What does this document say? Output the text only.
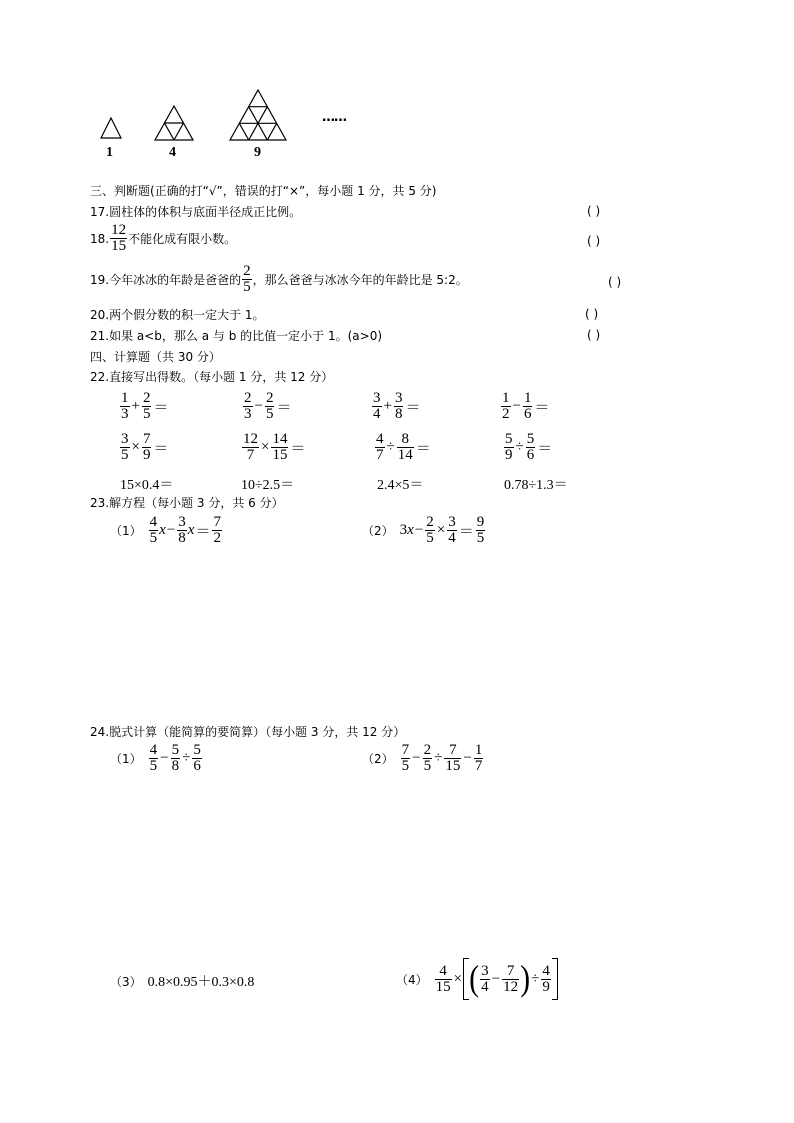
1	4	9
……
三、判断题(正确的打“√”，错误的打“×”，每小题 1 分，共 5 分)
17.圆柱体的体积与底面半径成正比例。	( )
18. $\frac{12}{15}$ 不能化成有限小数。	( )
19.今年冰冰的年龄是爸爸的 $\frac{2}{5}$ ，那么爸爸与冰冰今年的年龄比是 5:2。	( )
20.两个假分数的积一定大于 1。	( )
21.如果 a<b，那么 a 与 b 的比值一定小于 1。(a>0)	( )
四、计算题（共 30 分）
22.直接写出得数。（每小题 1 分，共 12 分）
$\frac{1}{3} + \frac{2}{5}$ ＝	$\frac{2}{3} - \frac{2}{5}$ ＝	$\frac{3}{4} + \frac{3}{8}$ ＝	$\frac{1}{2} - \frac{1}{6}$ ＝
$\frac{3}{5} \times \frac{7}{9}$ ＝	$\frac{12}{7} \times \frac{14}{15}$ ＝	$\frac{4}{7} \div \frac{8}{14}$ ＝	$\frac{5}{9} \div \frac{5}{6}$ ＝
15×0.4＝	10÷2.5＝	2.4×5＝	0.78÷1.3＝
23.解方程（每小题 3 分，共 6 分）
$(1) \frac{4}{5}$ $x - \frac{3}{8}$ $x = \frac{7}{2}$	（2） $3x - \frac{2}{5} \times \frac{3}{4} = \frac{9}{5}$
24.脱式计算（能简算的要简算）（每小题 3 分，共 12 分）
$(1) \frac{4}{5} - \frac{5}{8} \div \frac{5}{6}$	$(2) \frac{7}{5} - \frac{2}{5} \div \frac{7}{15} - \frac{1}{7}$
（3） 0.8×0.95＋0.3×0.8	$(4) \frac{4}{15}$ × ( $\frac{3}{4} - \frac{7}{12}$ ) ÷ $\frac{4}{9}$
